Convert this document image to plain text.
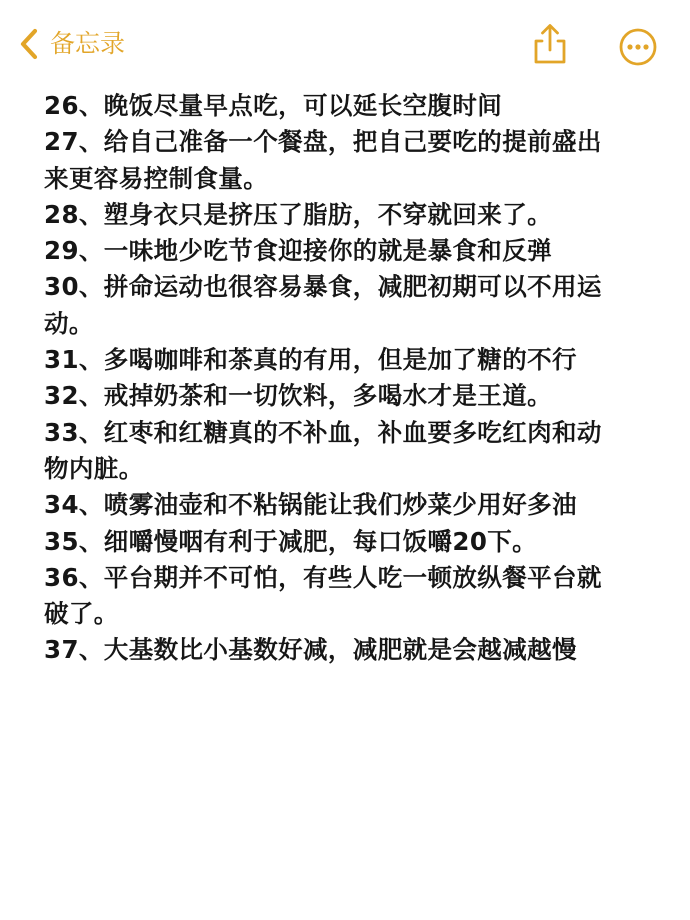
备忘录

26、晚饭尽量早点吃，可以延长空腹时间

27、给自己准备一个餐盘，把自己要吃的提前盛出

来更容易控制食量。

28、塑身衣只是挤压了脂肪，不穿就回来了。

29、一味地少吃节食迎接你的就是暴食和反弹

30、拼命运动也很容易暴食，减肥初期可以不用运

动。

31、多喝咖啡和茶真的有用，但是加了糖的不行

32、戒掉奶茶和一切饮料，多喝水才是王道。

33、红枣和红糖真的不补血，补血要多吃红肉和动

物内脏。

34、喷雾油壶和不粘锅能让我们炒菜少用好多油

35、细嚼慢咽有利于减肥，每口饭嚼20下。

36、平台期并不可怕，有些人吃一顿放纵餐平台就

破了。

37、大基数比小基数好减，减肥就是会越减越慢
